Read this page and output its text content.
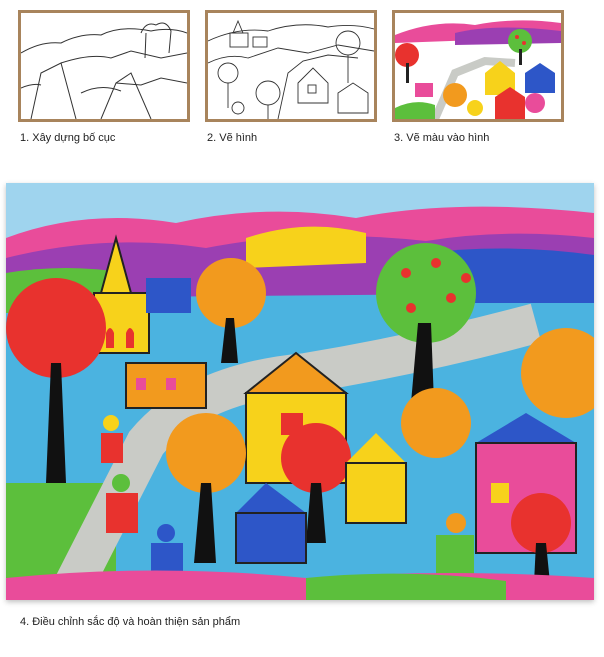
1. Xây dựng bố cục	2. Vẽ hình	3. Vẽ màu vào hình
4. Điều chỉnh sắc độ và hoàn thiện sản phẩm
